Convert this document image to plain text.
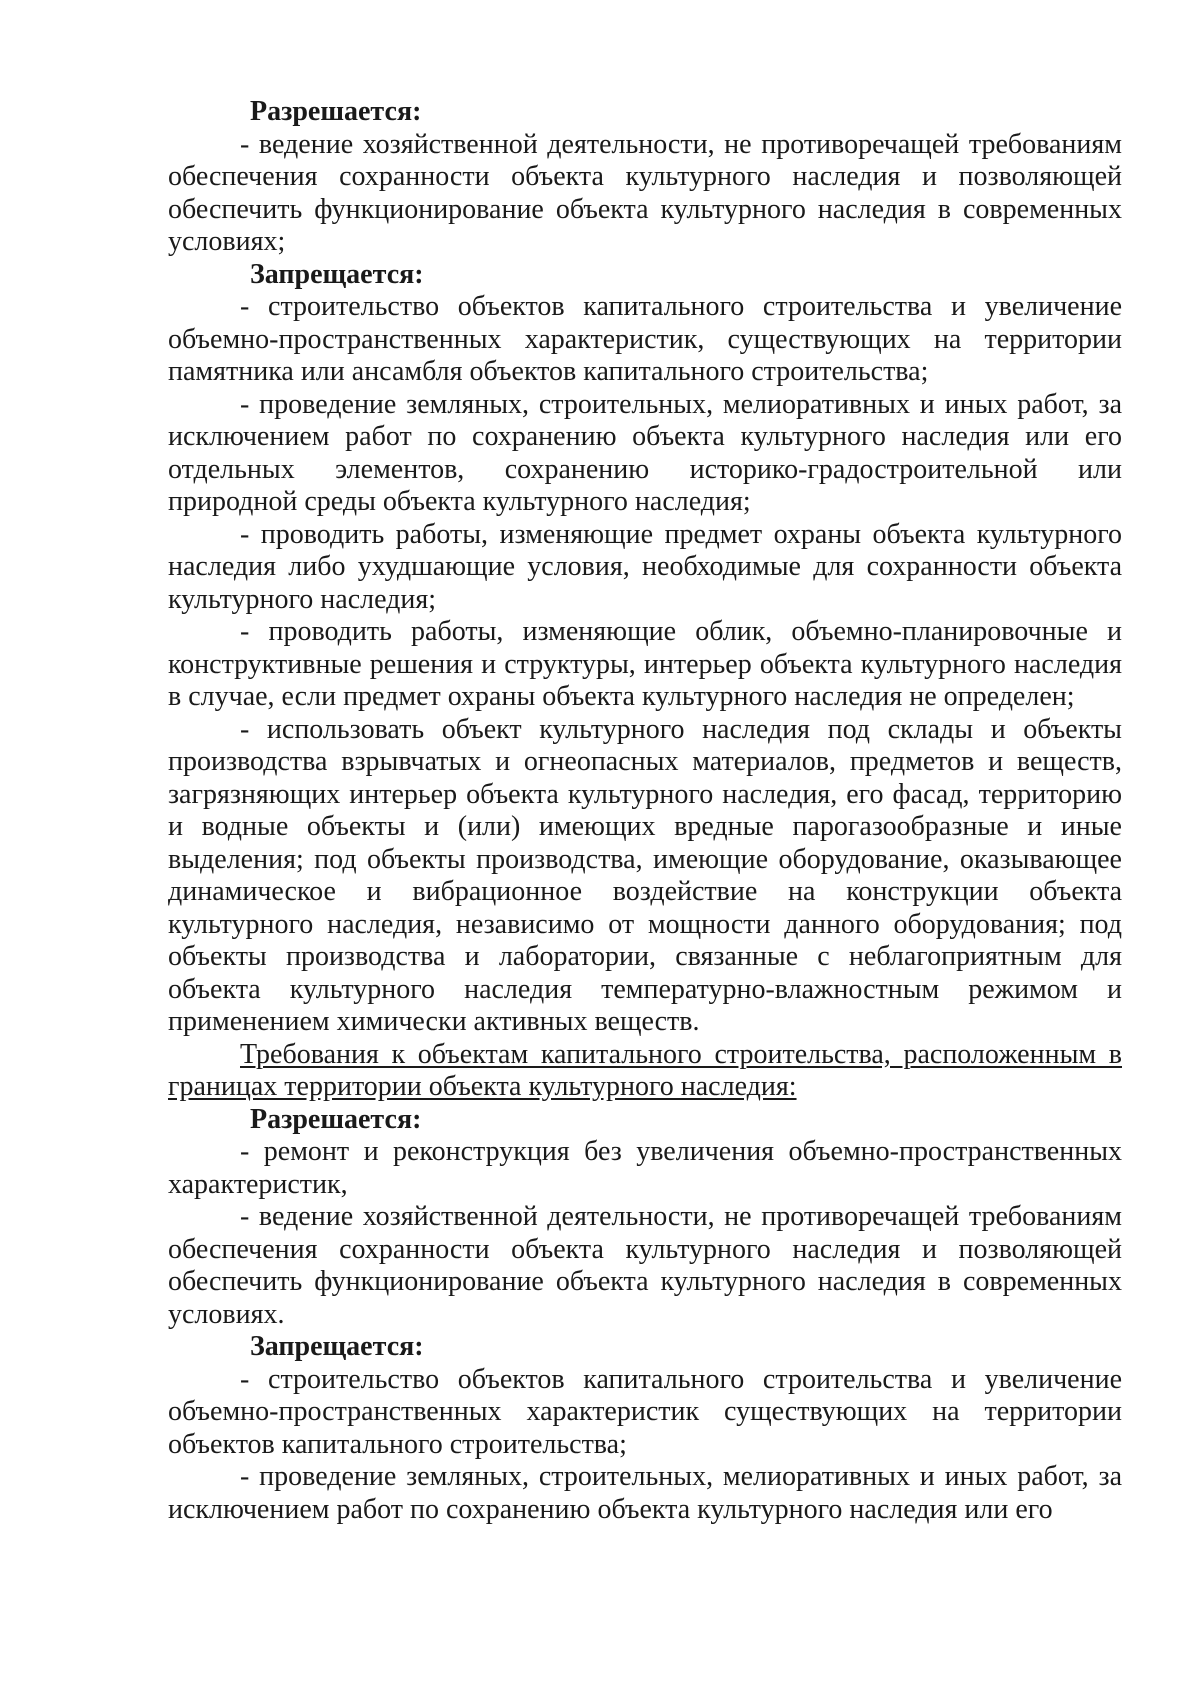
Разрешается:

- ведение хозяйственной деятельности, не противоречащей требованиям обеспечения сохранности объекта культурного наследия и позволяющей обеспечить функционирование объекта культурного наследия в современных условиях;

Запрещается:

- строительство объектов капитального строительства и увеличение объемно-пространственных характеристик, существующих на территории памятника или ансамбля объектов капитального строительства;

- проведение земляных, строительных, мелиоративных и иных работ, за исключением работ по сохранению объекта культурного наследия или его отдельных элементов, сохранению историко-градостроительной или природной среды объекта культурного наследия;

- проводить работы, изменяющие предмет охраны объекта культурного наследия либо ухудшающие условия, необходимые для сохранности объекта культурного наследия;

- проводить работы, изменяющие облик, объемно-планировочные и конструктивные решения и структуры, интерьер объекта культурного наследия в случае, если предмет охраны объекта культурного наследия не определен;

- использовать объект культурного наследия под склады и объекты производства взрывчатых и огнеопасных материалов, предметов и веществ, загрязняющих интерьер объекта культурного наследия, его фасад, территорию и водные объекты и (или) имеющих вредные парогазообразные и иные выделения; под объекты производства, имеющие оборудование, оказывающее динамическое и вибрационное воздействие на конструкции объекта культурного наследия, независимо от мощности данного оборудования; под объекты производства и лаборатории, связанные с неблагоприятным для объекта культурного наследия температурно-влажностным режимом и применением химически активных веществ.

Требования к объектам капитального строительства, расположенным в границах территории объекта культурного наследия:

Разрешается:

- ремонт и реконструкция без увеличения объемно-пространственных характеристик,

- ведение хозяйственной деятельности, не противоречащей требованиям обеспечения сохранности объекта культурного наследия и позволяющей обеспечить функционирование объекта культурного наследия в современных условиях.

Запрещается:

- строительство объектов капитального строительства и увеличение объемно-пространственных характеристик существующих на территории объектов капитального строительства;

- проведение земляных, строительных, мелиоративных и иных работ, за исключением работ по сохранению объекта культурного наследия или его
